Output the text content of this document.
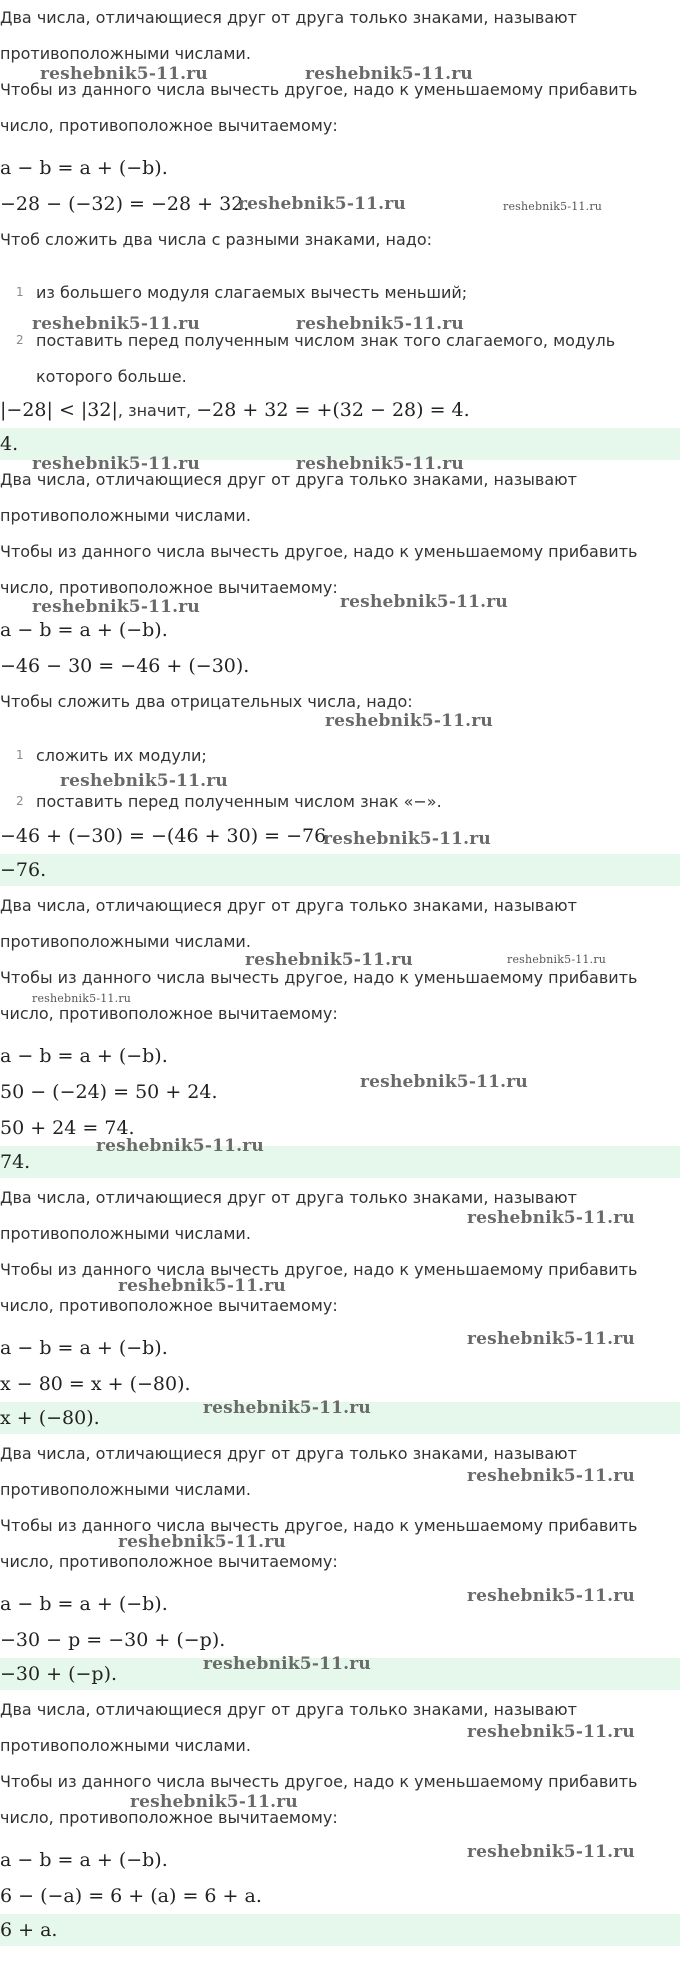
Два числа, отличающиеся друг от друга только знаками, называют
противоположными числами.
Чтобы из данного числа вычесть другое, надо к уменьшаемому прибавить
число, противоположное вычитаемому:
a − b = a + (−b).
−28 − (−32) = −28 + 32.
Чтоб сложить два числа с разными знаками, надо:
1 из большего модуля слагаемых вычесть меньший;
2 поставить перед полученным числом знак того слагаемого, модуль
которого больше.
|−28| < |32|, значит, −28 + 32 = +(32 − 28) = 4.
4.
Два числа, отличающиеся друг от друга только знаками, называют
противоположными числами.
Чтобы из данного числа вычесть другое, надо к уменьшаемому прибавить
число, противоположное вычитаемому:
a − b = a + (−b).
−46 − 30 = −46 + (−30).
Чтобы сложить два отрицательных числа, надо:
1 сложить их модули;
2 поставить перед полученным числом знак «−».
−46 + (−30) = −(46 + 30) = −76
−76.
Два числа, отличающиеся друг от друга только знаками, называют
противоположными числами.
Чтобы из данного числа вычесть другое, надо к уменьшаемому прибавить
число, противоположное вычитаемому:
a − b = a + (−b).
50 − (−24) = 50 + 24.
50 + 24 = 74.
74.
Два числа, отличающиеся друг от друга только знаками, называют
противоположными числами.
Чтобы из данного числа вычесть другое, надо к уменьшаемому прибавить
число, противоположное вычитаемому:
a − b = a + (−b).
x − 80 = x + (−80).
x + (−80).
Два числа, отличающиеся друг от друга только знаками, называют
противоположными числами.
Чтобы из данного числа вычесть другое, надо к уменьшаемому прибавить
число, противоположное вычитаемому:
a − b = a + (−b).
−30 − p = −30 + (−p).
−30 + (−p).
Два числа, отличающиеся друг от друга только знаками, называют
противоположными числами.
Чтобы из данного числа вычесть другое, надо к уменьшаемому прибавить
число, противоположное вычитаемому:
a − b = a + (−b).
6 − (−a) = 6 + (a) = 6 + a.
6 + a.
reshebnik5-11.ru	reshebnik5-11.ru
reshebnik5-11.ru	reshebnik5-11.ru
reshebnik5-11.ru	reshebnik5-11.ru
reshebnik5-11.ru	reshebnik5-11.ru
reshebnik5-11.ru	reshebnik5-11.ru
reshebnik5-11.ru
reshebnik5-11.ru
reshebnik5-11.ru
reshebnik5-11.ru	reshebnik5-11.ru
reshebnik5-11.ru
reshebnik5-11.ru
reshebnik5-11.ru
reshebnik5-11.ru
reshebnik5-11.ru
reshebnik5-11.ru
reshebnik5-11.ru
reshebnik5-11.ru
reshebnik5-11.ru
reshebnik5-11.ru
reshebnik5-11.ru
reshebnik5-11.ru
reshebnik5-11.ru
reshebnik5-11.ru
